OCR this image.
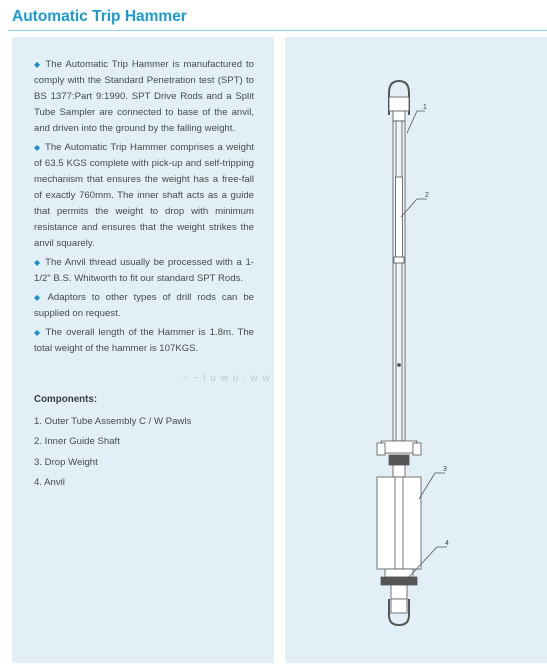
Automatic Trip Hammer

◆ The Automatic Trip Hammer is manufactured to comply with the Standard Penetration test (SPT) to BS 1377:Part 9:1990. SPT Drive Rods and a Split Tube Sampler are connected to base of the anvil, and driven into the ground by the falling weight.

◆ The Automatic Trip Hammer comprises a weight of 63.5 KGS complete with pick-up and self-tripping mechanism that ensures the weight has a free-fall of exactly 760mm. The inner shaft acts as a guide that permits the weight to drop with minimum resistance and ensures that the weight strikes the anvil squarely.

◆ The Anvil thread usually be processed with a 1-1/2" B.S. Whitworth to fit our standard SPT Rods.

◆ Adaptors to other types of drill rods can be supplied on request.

◆ The overall length of the Hammer is 1.8m. The total weight of the hammer is 107KGS.

Components:
1. Outer Tube Assembly C / W Pawls
2. Inner Guide Shaft
3. Drop Weight
4. Anvil
~ ~ l u w o . w w
1
2
3
4
